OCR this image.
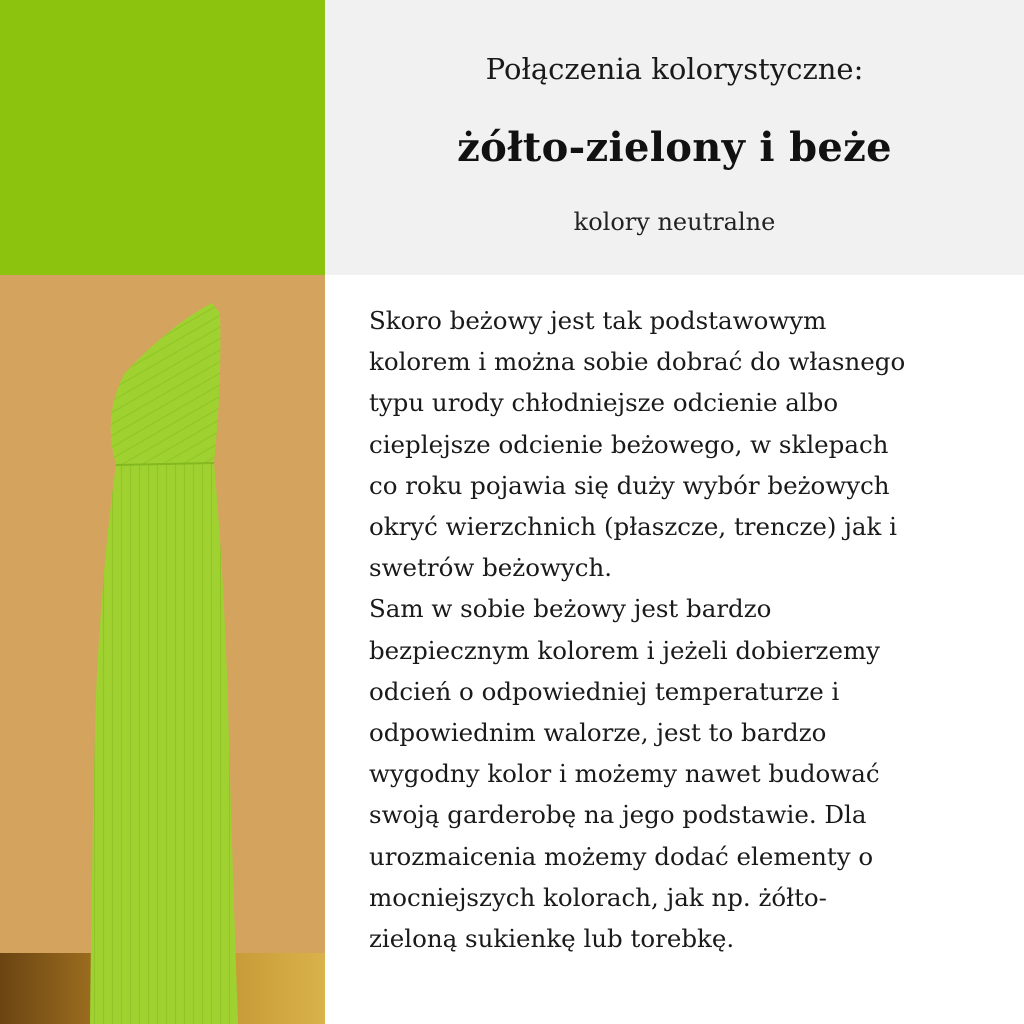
Połączenia kolorystyczne:
żółto-zielony i beże
kolory neutralne
Skoro beżowy jest tak podstawowym
kolorem i można sobie dobrać do własnego
typu urody chłodniejsze odcienie albo
cieplejsze odcienie beżowego, w sklepach
co roku pojawia się duży wybór beżowych
okryć wierzchnich (płaszcze, trencze) jak i
swetrów beżowych.
Sam w sobie beżowy jest bardzo
bezpiecznym kolorem i jeżeli dobierzemy
odcień o odpowiedniej temperaturze i
odpowiednim walorze, jest to bardzo
wygodny kolor i możemy nawet budować
swoją garderobę na jego podstawie. Dla
urozmaicenia możemy dodać elementy o
mocniejszych kolorach, jak np. żółto-
zieloną sukienkę lub torebkę.
